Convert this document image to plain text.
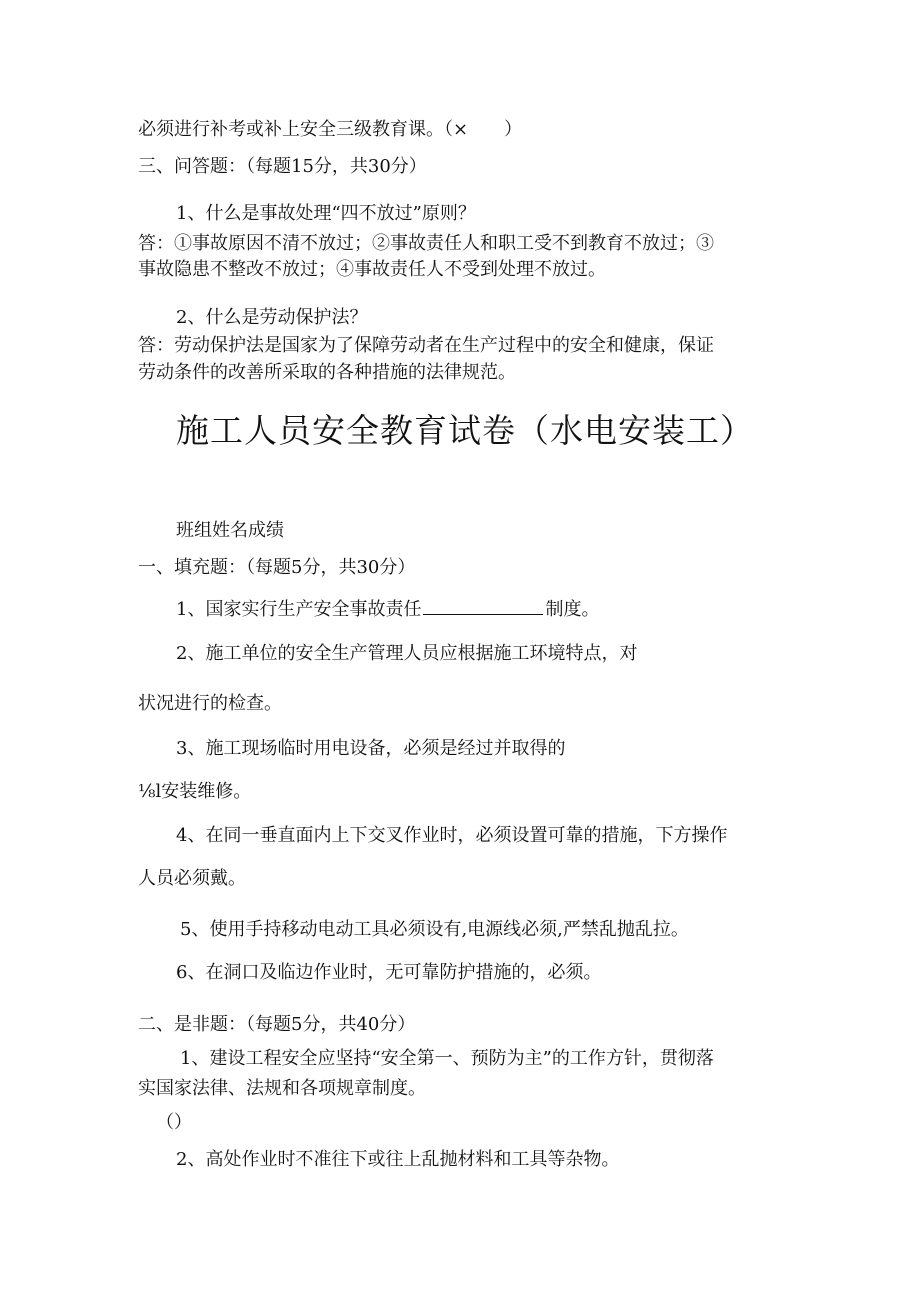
必须进行补考或补上安全三级教育课。（×　　）
三、问答题：（每题15分，共30分）
1、什么是事故处理“四不放过”原则？
答：①事故原因不清不放过；②事故责任人和职工受不到教育不放过；③
事故隐患不整改不放过；④事故责任人不受到处理不放过。
2、什么是劳动保护法？
答：劳动保护法是国家为了保障劳动者在生产过程中的安全和健康，保证
劳动条件的改善所采取的各种措施的法律规范。
施工人员安全教育试卷（水电安装工）
班组姓名成绩
一、填充题：（每题5分，共30分）
1、国家实行生产安全事故责任	制度。
2、施工单位的安全生产管理人员应根据施工环境特点，对
状况进行的检查。
3、施工现场临时用电设备，必须是经过并取得的
⅛l安装维修。
4、在同一垂直面内上下交叉作业时，必须设置可靠的措施，下方操作
人员必须戴。
5、使用手持移动电动工具必须设有,电源线必须,严禁乱抛乱拉。
6、在洞口及临边作业时，无可靠防护措施的，必须。
二、是非题：（每题5分，共40分）
1、建设工程安全应坚持“安全第一、预防为主”的工作方针，贯彻落
实国家法律、法规和各项规章制度。
（）
2、高处作业时不准往下或往上乱抛材料和工具等杂物。
